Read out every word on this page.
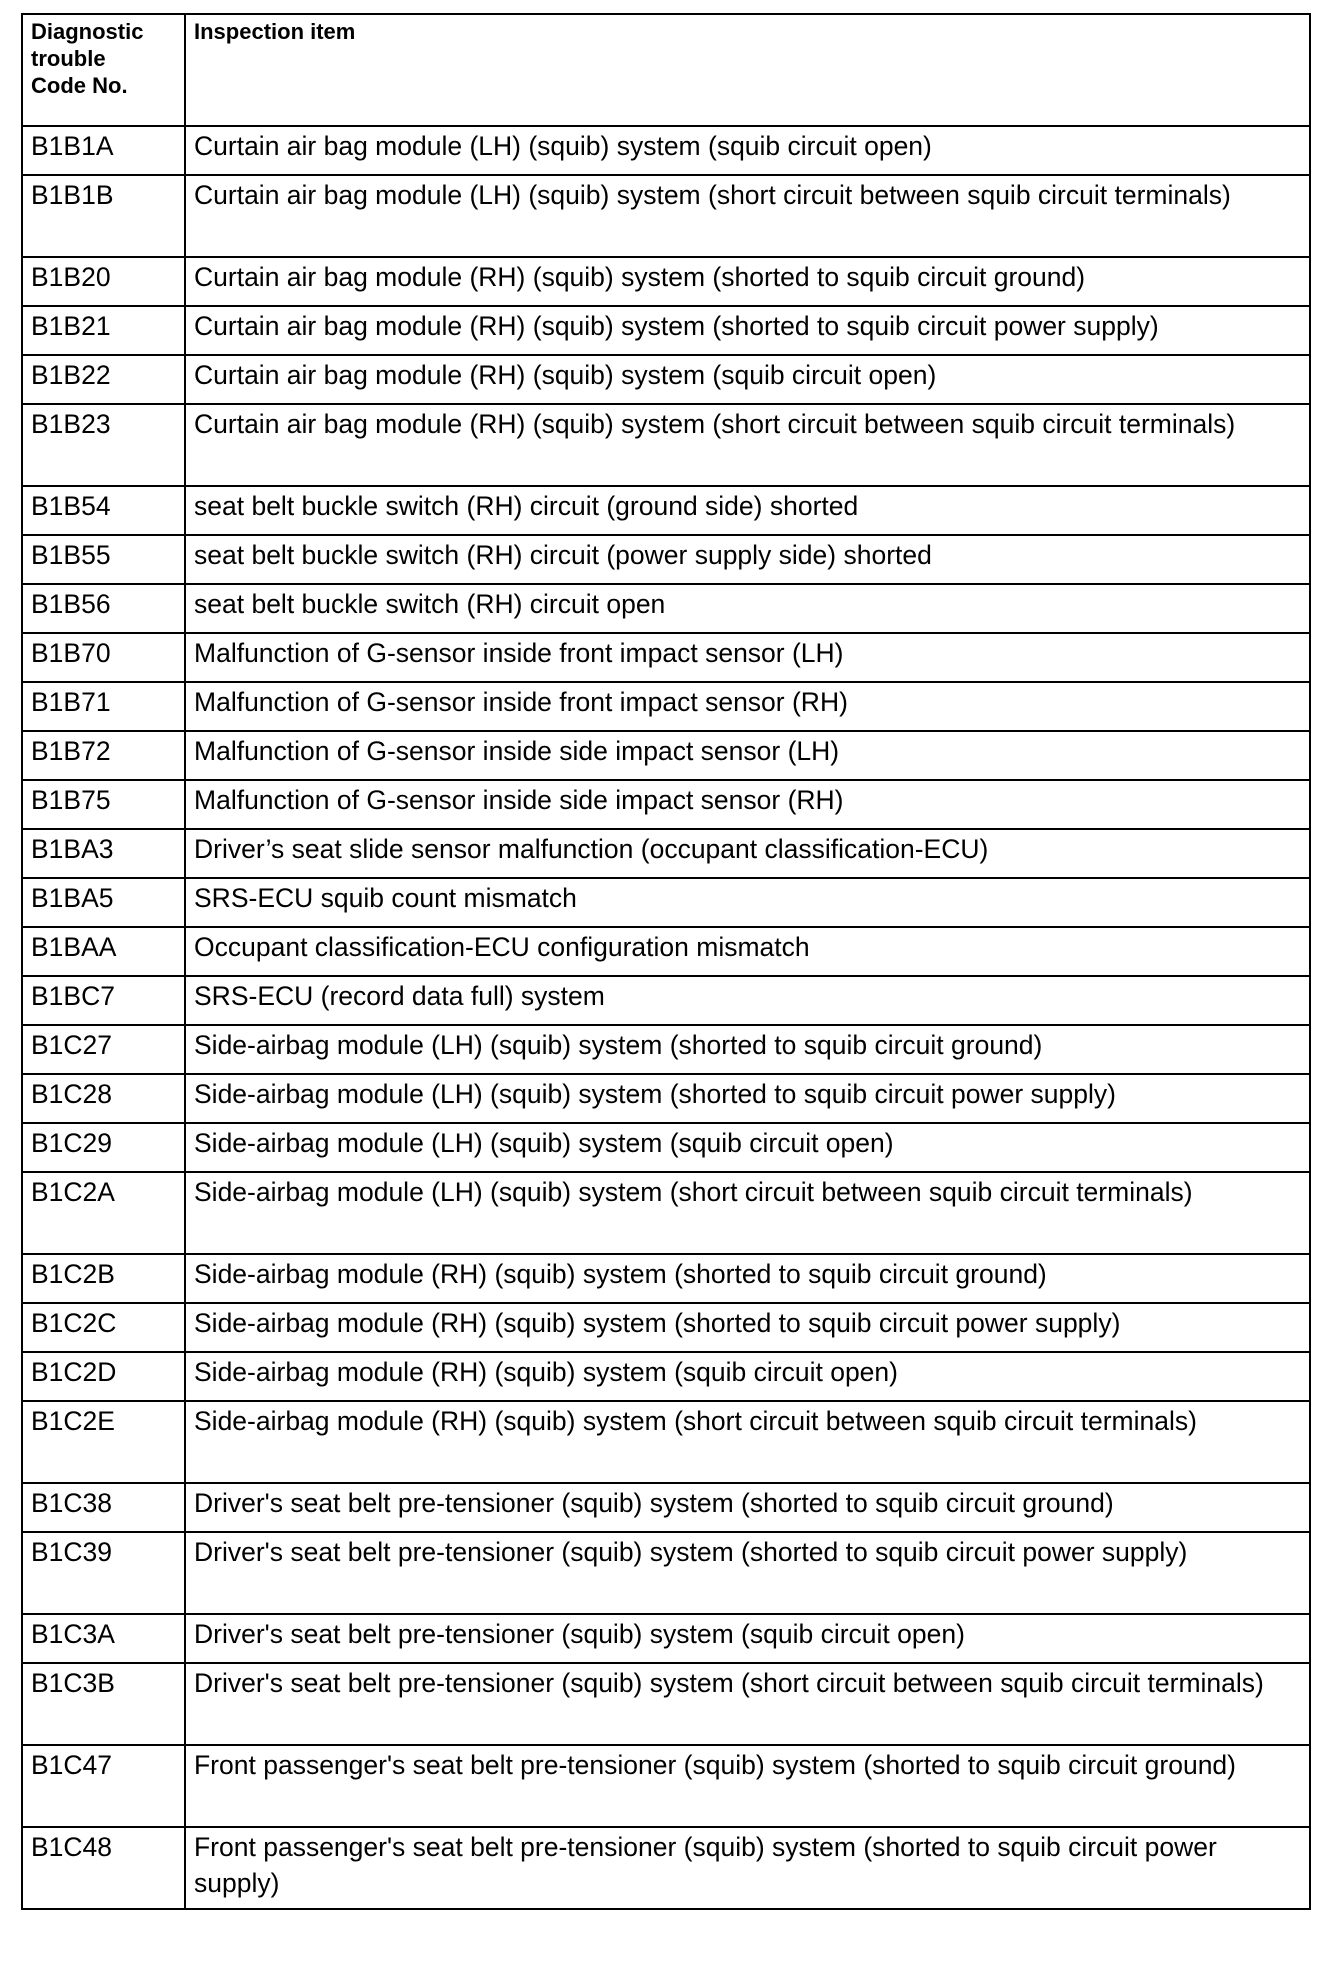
Diagnostic
trouble
Code No.	Inspection item
B1B1A	Curtain air bag module (LH) (squib) system (squib circuit open)
B1B1B	Curtain air bag module (LH) (squib) system (short circuit between squib circuit terminals)
B1B20	Curtain air bag module (RH) (squib) system (shorted to squib circuit ground)
B1B21	Curtain air bag module (RH) (squib) system (shorted to squib circuit power supply)
B1B22	Curtain air bag module (RH) (squib) system (squib circuit open)
B1B23	Curtain air bag module (RH) (squib) system (short circuit between squib circuit terminals)
B1B54	seat belt buckle switch (RH) circuit (ground side) shorted
B1B55	seat belt buckle switch (RH) circuit (power supply side) shorted
B1B56	seat belt buckle switch (RH) circuit open
B1B70	Malfunction of G-sensor inside front impact sensor (LH)
B1B71	Malfunction of G-sensor inside front impact sensor (RH)
B1B72	Malfunction of G-sensor inside side impact sensor (LH)
B1B75	Malfunction of G-sensor inside side impact sensor (RH)
B1BA3	Driver’s seat slide sensor malfunction (occupant classification-ECU)
B1BA5	SRS-ECU squib count mismatch
B1BAA	Occupant classification-ECU configuration mismatch
B1BC7	SRS-ECU (record data full) system
B1C27	Side-airbag module (LH) (squib) system (shorted to squib circuit ground)
B1C28	Side-airbag module (LH) (squib) system (shorted to squib circuit power supply)
B1C29	Side-airbag module (LH) (squib) system (squib circuit open)
B1C2A	Side-airbag module (LH) (squib) system (short circuit between squib circuit terminals)
B1C2B	Side-airbag module (RH) (squib) system (shorted to squib circuit ground)
B1C2C	Side-airbag module (RH) (squib) system (shorted to squib circuit power supply)
B1C2D	Side-airbag module (RH) (squib) system (squib circuit open)
B1C2E	Side-airbag module (RH) (squib) system (short circuit between squib circuit terminals)
B1C38	Driver's seat belt pre-tensioner (squib) system (shorted to squib circuit ground)
B1C39	Driver's seat belt pre-tensioner (squib) system (shorted to squib circuit power supply)
B1C3A	Driver's seat belt pre-tensioner (squib) system (squib circuit open)
B1C3B	Driver's seat belt pre-tensioner (squib) system (short circuit between squib circuit terminals)
B1C47	Front passenger's seat belt pre-tensioner (squib) system (shorted to squib circuit ground)
B1C48	Front passenger's seat belt pre-tensioner (squib) system (shorted to squib circuit power supply)
